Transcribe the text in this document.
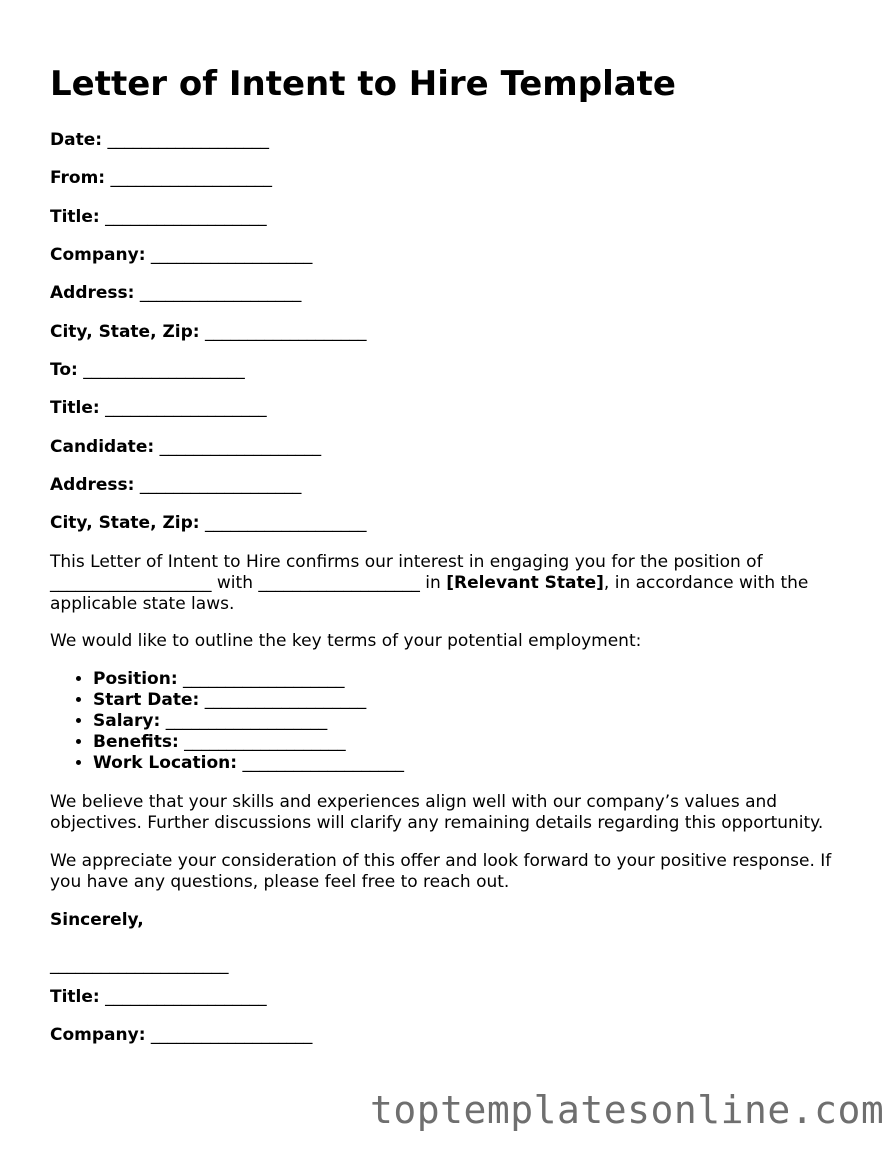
Letter of Intent to Hire Template
Date: ___________________
From: ___________________
Title: ___________________
Company: ___________________
Address: ___________________
City, State, Zip: ___________________
To: ___________________
Title: ___________________
Candidate: ___________________
Address: ___________________
City, State, Zip: ___________________

This Letter of Intent to Hire confirms our interest in engaging you for the position of ___________________ with ___________________ in [Relevant State], in accordance with the applicable state laws.

We would like to outline the key terms of your potential employment:

• Position: ___________________
• Start Date: ___________________
• Salary: ___________________
• Benefits: ___________________
• Work Location: ___________________

We believe that your skills and experiences align well with our company’s values and objectives. Further discussions will clarify any remaining details regarding this opportunity.

We appreciate your consideration of this offer and look forward to your positive response. If you have any questions, please feel free to reach out.

Sincerely,
_____________________
Title: ___________________
Company: ___________________
toptemplatesonline.com
